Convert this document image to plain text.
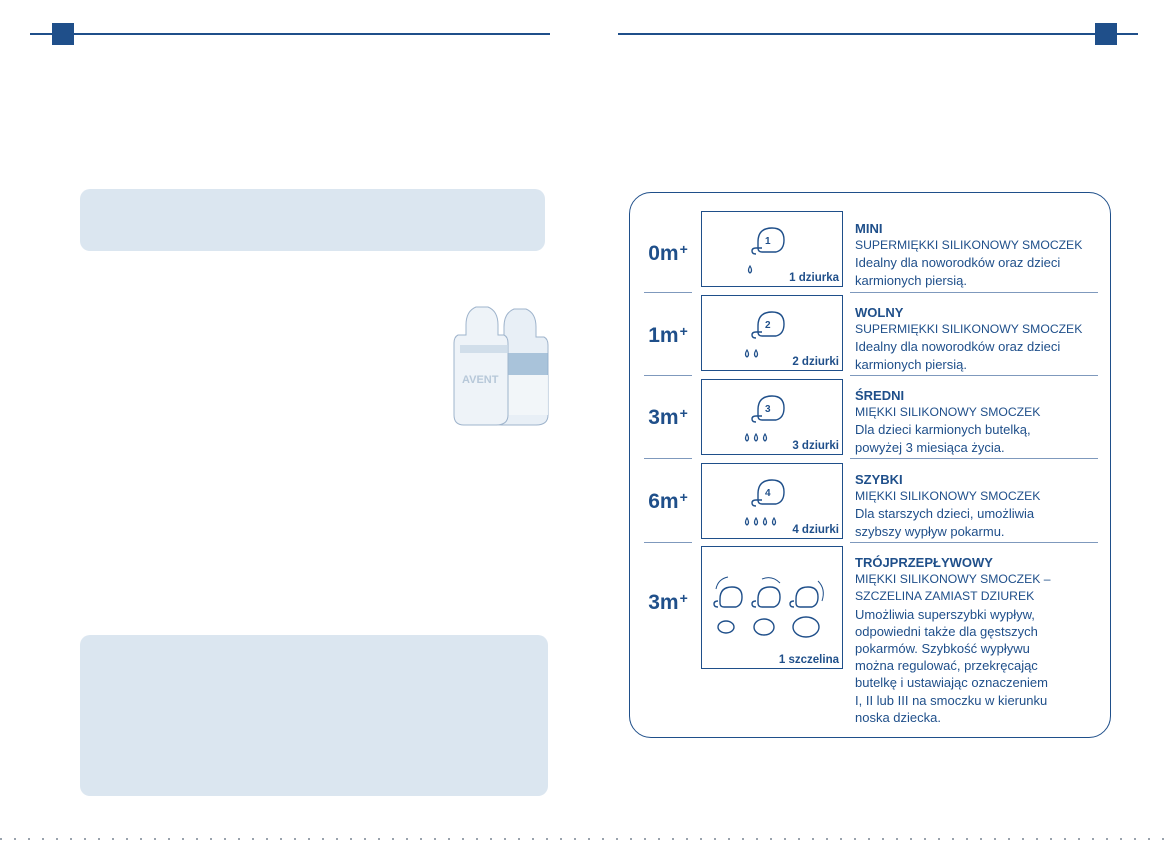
AVENT
0m+	1
1 dziurka
MINI
SUPERMIĘKKI SILIKONOWY SMOCZEK
Idealny dla noworodków oraz dzieci
karmionych piersią.
1m+	2
2 dziurki
WOLNY
SUPERMIĘKKI SILIKONOWY SMOCZEK
Idealny dla noworodków oraz dzieci
karmionych piersią.
3m+	3
3 dziurki
ŚREDNI
MIĘKKI SILIKONOWY SMOCZEK
Dla dzieci karmionych butelką,
powyżej 3 miesiąca życia.
6m+	4
4 dziurki
SZYBKI
MIĘKKI SILIKONOWY SMOCZEK
Dla starszych dzieci, umożliwia
szybszy wypływ pokarmu.
3m+
1 szczelina
TRÓJPRZEPŁYWOWY
MIĘKKI SILIKONOWY SMOCZEK –
SZCZELINA ZAMIAST DZIUREK
Umożliwia superszybki wypływ,
odpowiedni także dla gęstszych
pokarmów. Szybkość wypływu
można regulować, przekręcając
butelkę i ustawiając oznaczeniem
I, II lub III na smoczku w kierunku
noska dziecka.
